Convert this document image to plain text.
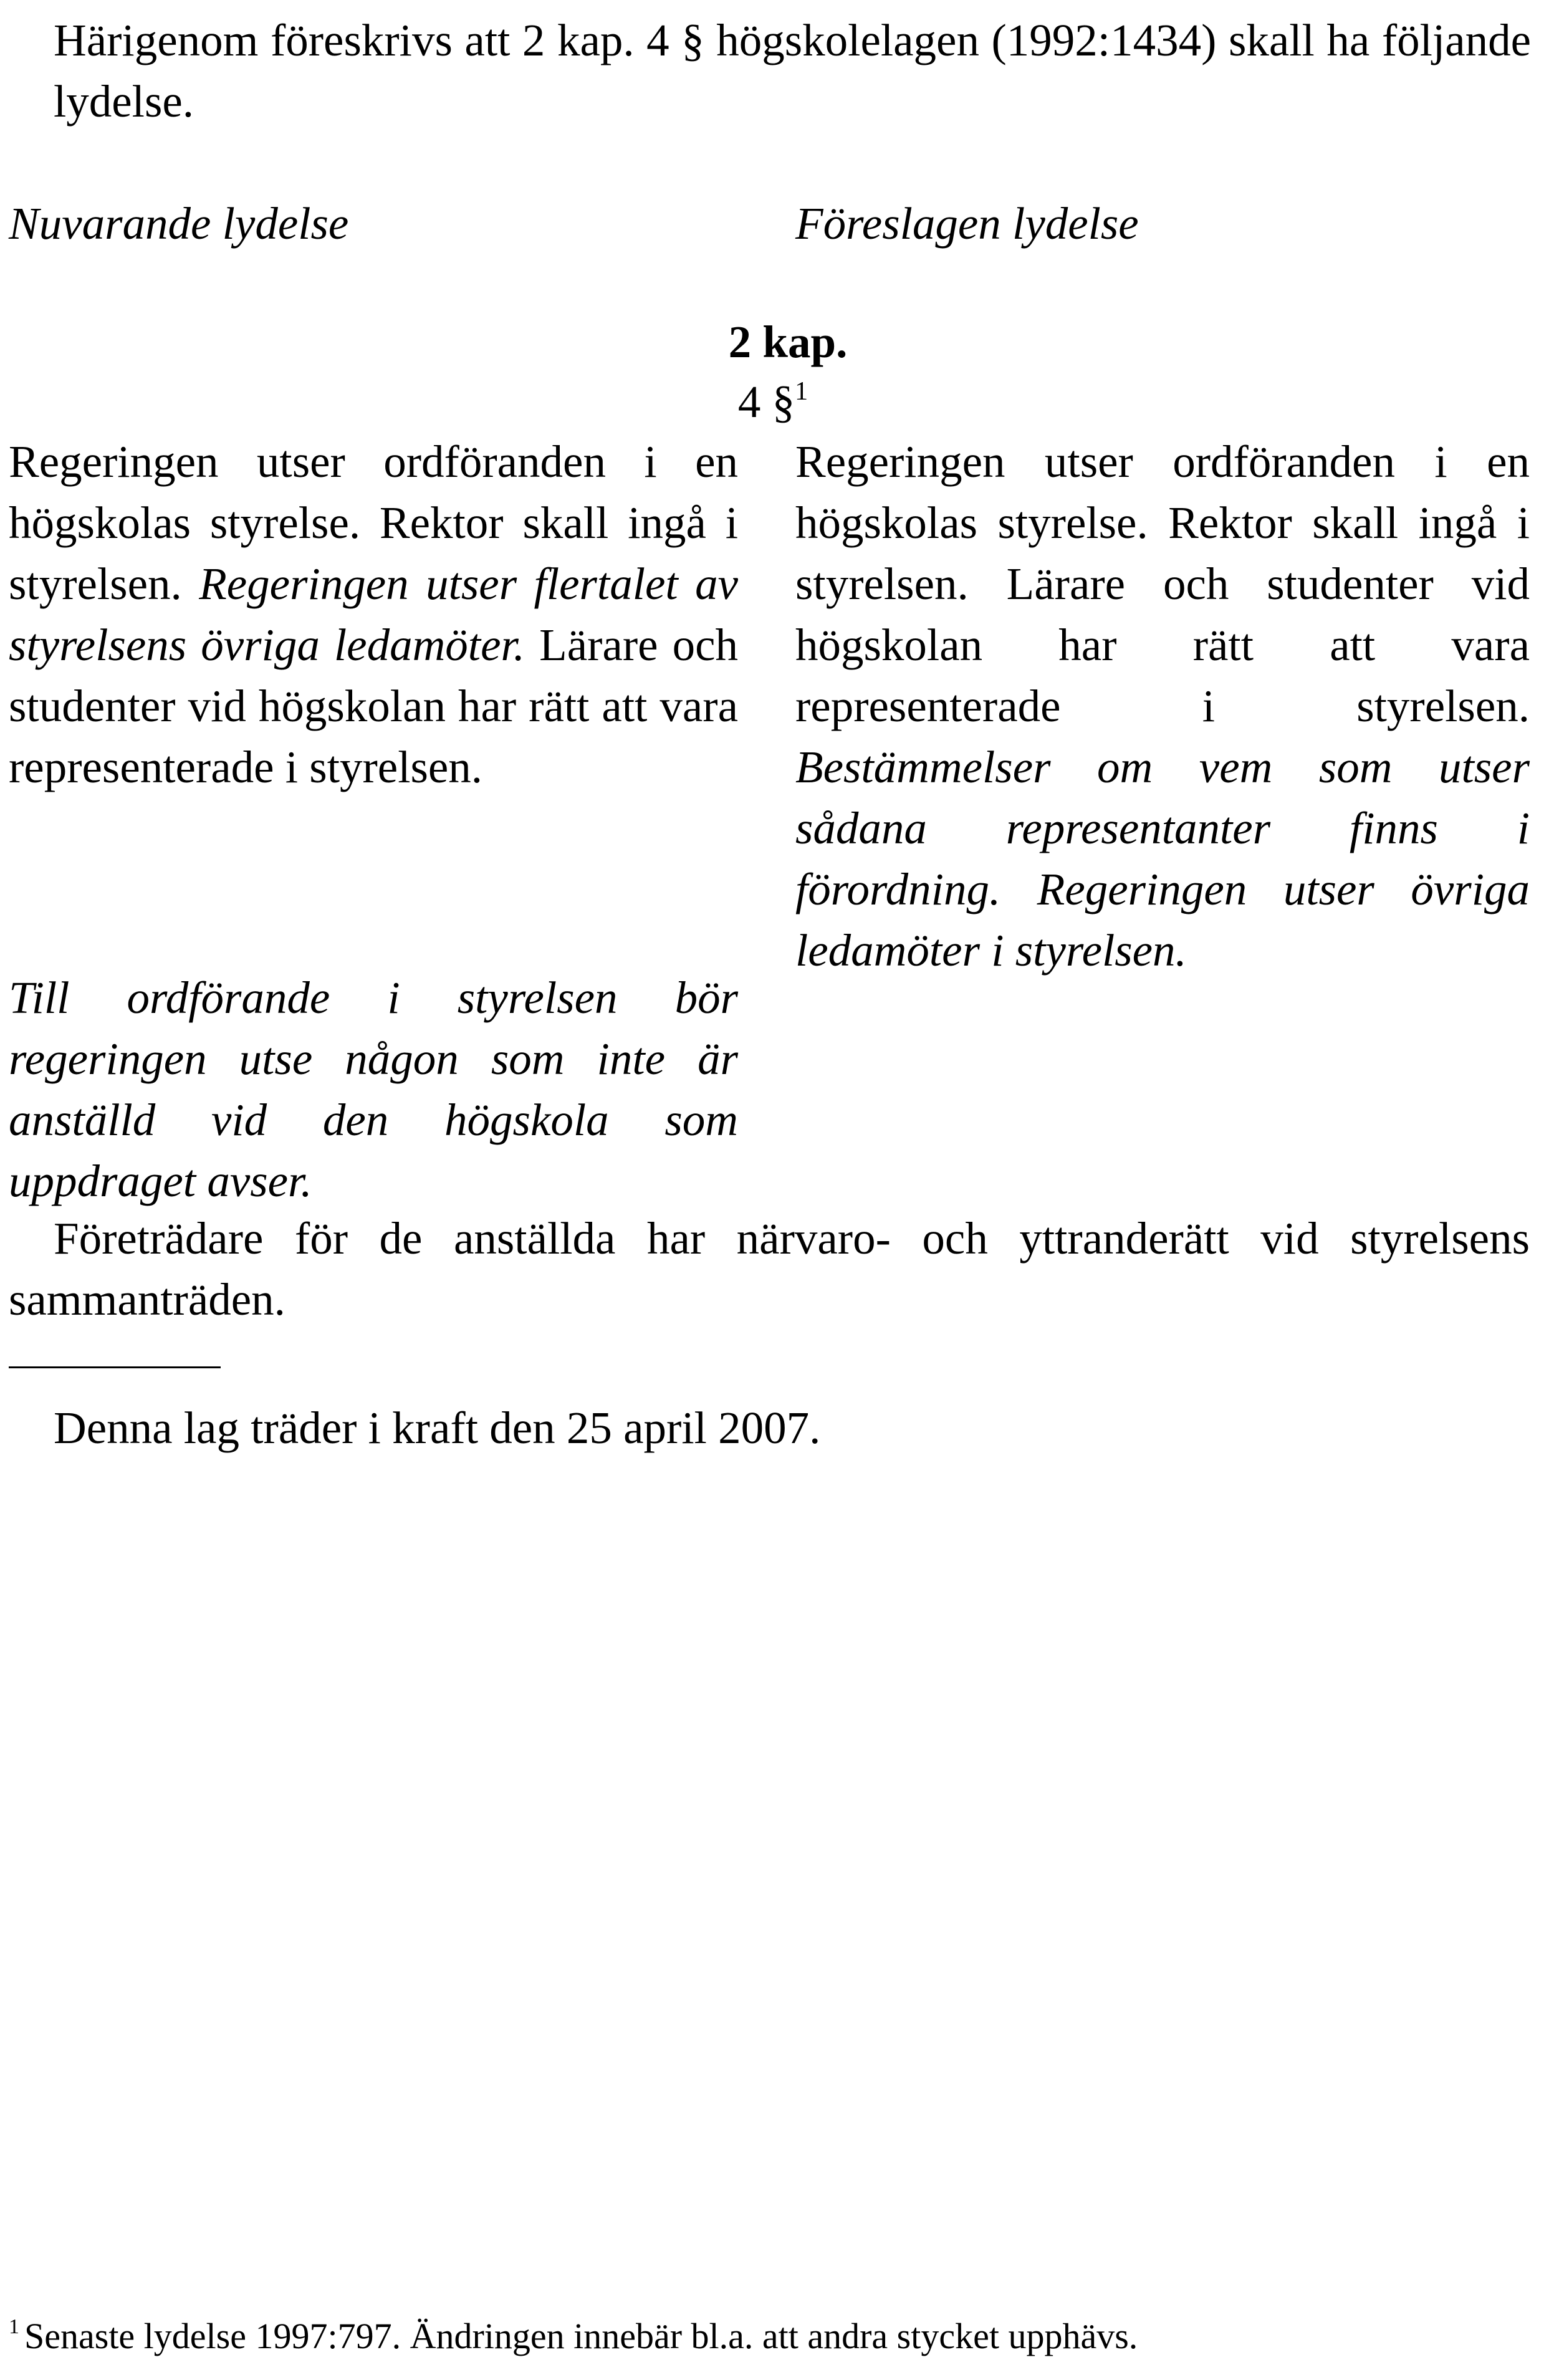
Härigenom föreskrivs att 2 kap. 4 § högskolelagen (1992:1434) skall ha följande lydelse.

Nuvarande lydelse	Föreslagen lydelse

2 kap.

4 §$^1$

Regeringen utser ordföranden i en högskolas styrelse. Rektor skall ingå i styrelsen. Regeringen utser flertalet av styrelsens övriga ledamöter. Lärare och studenter vid högskolan har rätt att vara representerade i styrelsen.

Regeringen utser ordföranden i en högskolas styrelse. Rektor skall ingå i styrelsen. Lärare och studenter vid högskolan har rätt att vara representerade i styrelsen. Bestämmelser om vem som utser sådana representanter finns i förordning. Regeringen utser övriga ledamöter i styrelsen.

Till ordförande i styrelsen bör regeringen utse någon som inte är anställd vid den högskola som uppdraget avser.

Företrädare för de anställda har närvaro- och yttranderätt vid styrelsens sammanträden.

Denna lag träder i kraft den 25 april 2007.

$^1$ Senaste lydelse 1997:797. Ändringen innebär bl.a. att andra stycket upphävs.
